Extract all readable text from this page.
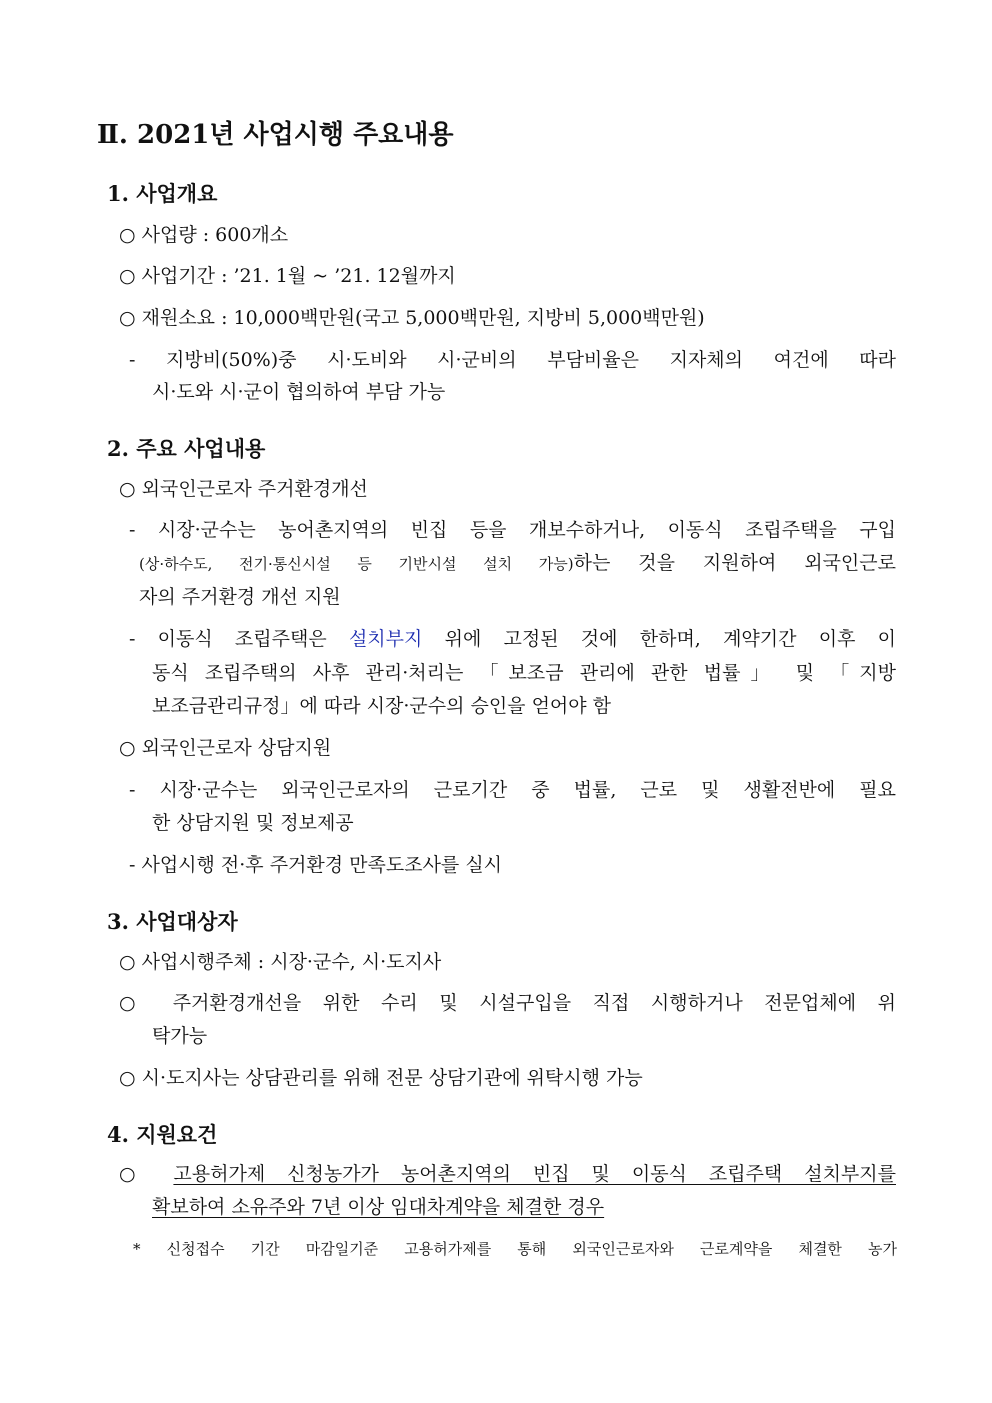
Ⅱ. 2021년 사업시행 주요내용
1. 사업개요
○ 사업량 : 600개소
○ 사업기간 : ’21. 1월 ~ ’21. 12월까지
○ 재원소요 : 10,000백만원(국고 5,000백만원, 지방비 5,000백만원)
- 지방비(50%)중 시·도비와 시·군비의 부담비율은 지자체의 여건에 따라
시·도와 시·군이 협의하여 부담 가능
2. 주요 사업내용
○ 외국인근로자 주거환경개선
- 시장·군수는 농어촌지역의 빈집 등을 개보수하거나, 이동식 조립주택을 구입
(상·하수도, 전기·통신시설 등 기반시설 설치 가능)하는 것을 지원하여 외국인근로
자의 주거환경 개선 지원
- 이동식 조립주택은 설치부지 위에 고정된 것에 한하며, 계약기간 이후 이
동식 조립주택의 사후 관리·처리는 「보조금 관리에 관한 법률」 및 「지방
보조금관리규정」에 따라 시장·군수의 승인을 얻어야 함
○ 외국인근로자 상담지원
- 시장·군수는 외국인근로자의 근로기간 중 법률, 근로 및 생활전반에 필요
한 상담지원 및 정보제공
- 사업시행 전·후 주거환경 만족도조사를 실시
3. 사업대상자
○ 사업시행주체 : 시장·군수, 시·도지사
○ 주거환경개선을 위한 수리 및 시설구입을 직접 시행하거나 전문업체에 위
탁가능
○ 시·도지사는 상담관리를 위해 전문 상담기관에 위탁시행 가능
4. 지원요건
○ 고용허가제 신청농가가 농어촌지역의 빈집 및 이동식 조립주택 설치부지를
확보하여 소유주와 7년 이상 임대차계약을 체결한 경우
* 신청접수 기간 마감일기준 고용허가제를 통해 외국인근로자와 근로계약을 체결한 농가
